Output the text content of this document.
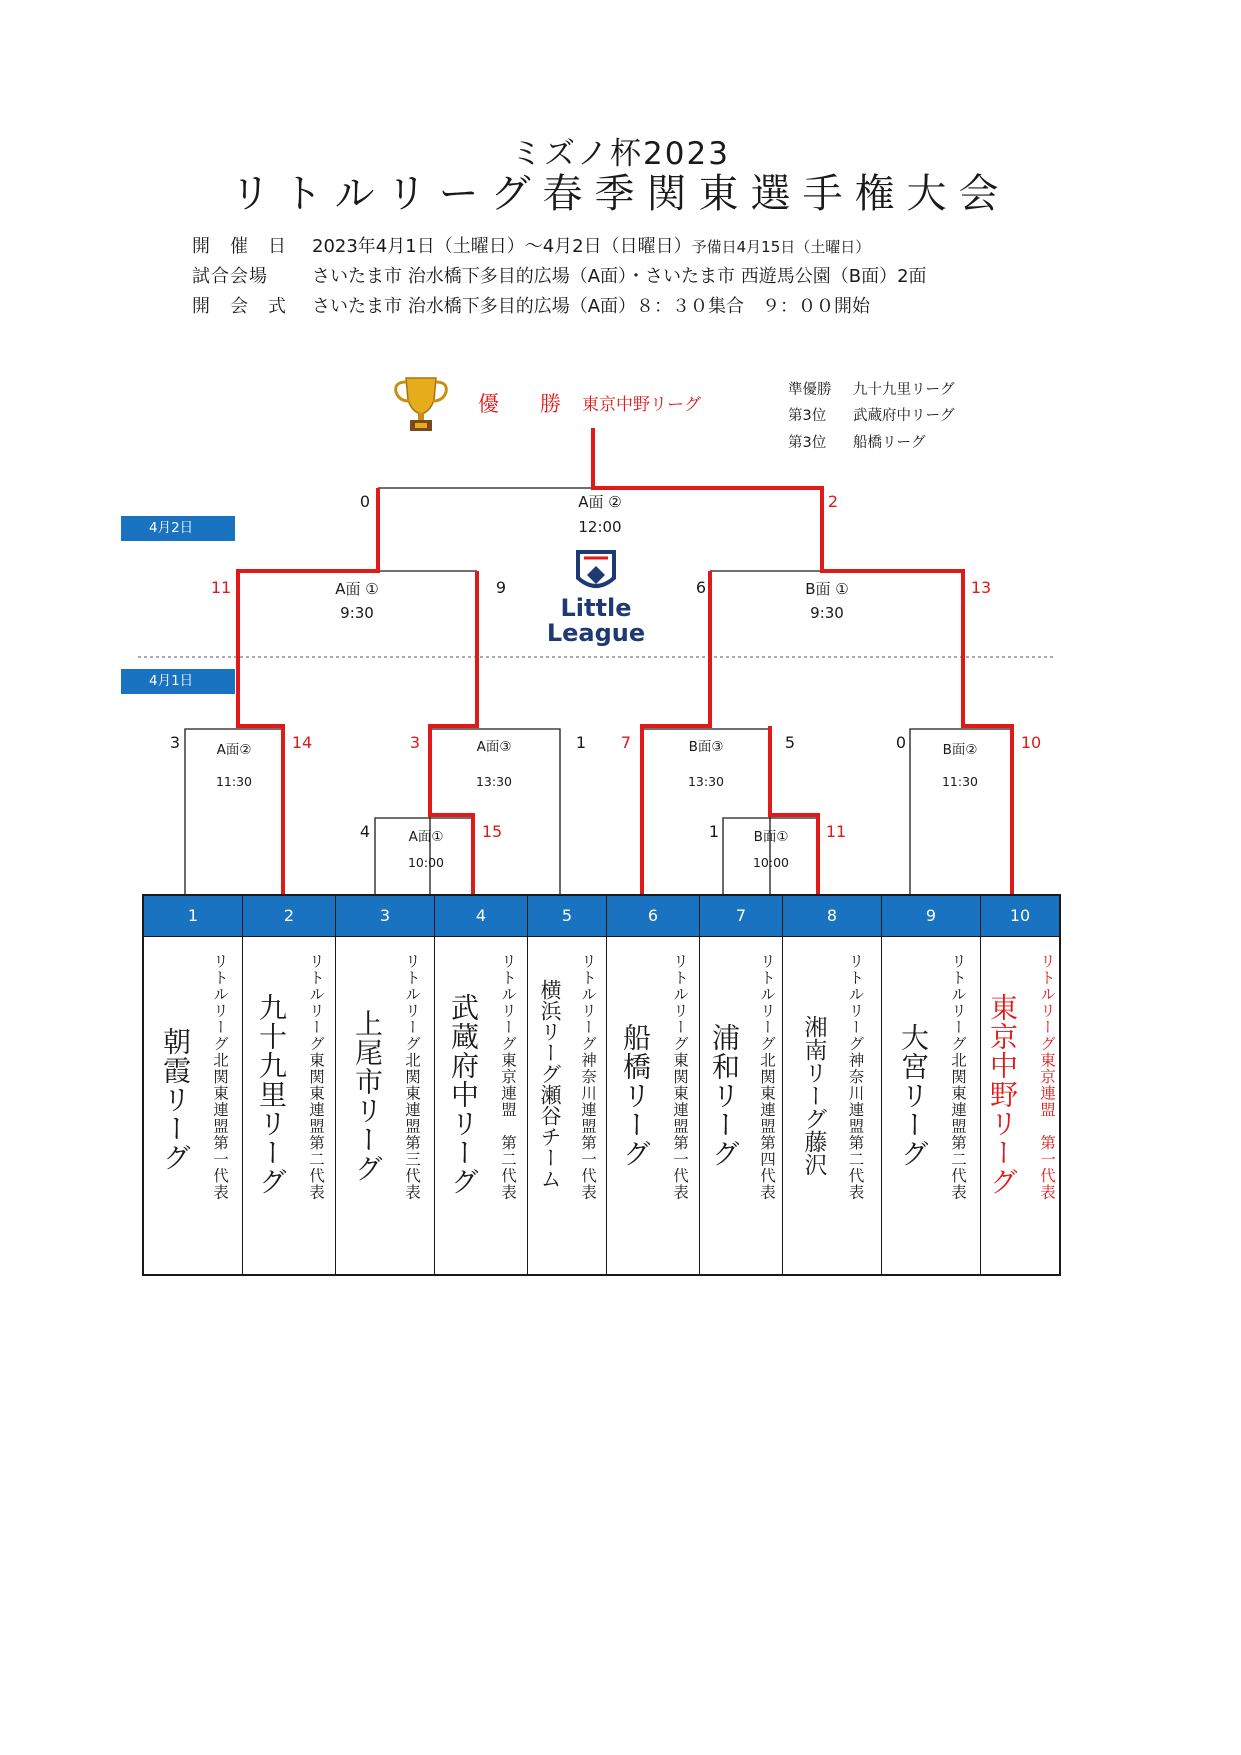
ミズノ杯2023
リトルリーグ春季関東選手権大会
開　催　日 2023年4月1日（土曜日）～4月2日（日曜日）予備日4月15日（土曜日）
試合会場 さいたま市 治水橋下多目的広場（A面）・さいたま市 西遊馬公園（B面）2面
開　会　式 さいたま市 治水橋下多目的広場（A面）８：３０集合　９：００開始
優　勝 東京中野リーグ
準優勝 九十九里リーグ
第3位 武蔵府中リーグ
第3位 船橋リーグ
4月2日
4月1日
Little
League
A面 ②
12:00
0	2
A面 ①
9:30
11	9	B面 ①
9:30
6	13
A面②
11:30
3	14	A面③
13:30
3	1
A面①
10:00
4	15
B面③
13:30
7	5
B面①
10:00
1	11
B面②
11:30
0	10
1
リトルリーグ北関東連盟第一代表
朝霞リーグ
2
リトルリーグ東関東連盟第二代表
九十九里リーグ
3
リトルリーグ北関東連盟第三代表
上尾市リーグ
4
リトルリーグ東京連盟　第二代表
武蔵府中リーグ
5
リトルリーグ神奈川連盟第一代表
横浜リーグ瀬谷チーム
6
リトルリーグ東関東連盟第一代表
船橋リーグ
7
リトルリーグ北関東連盟第四代表
浦和リーグ
8
リトルリーグ神奈川連盟第二代表
湘南リーグ藤沢
9
リトルリーグ北関東連盟第二代表
大宮リーグ
10
リトルリーグ東京連盟　第一代表
東京中野リーグ
